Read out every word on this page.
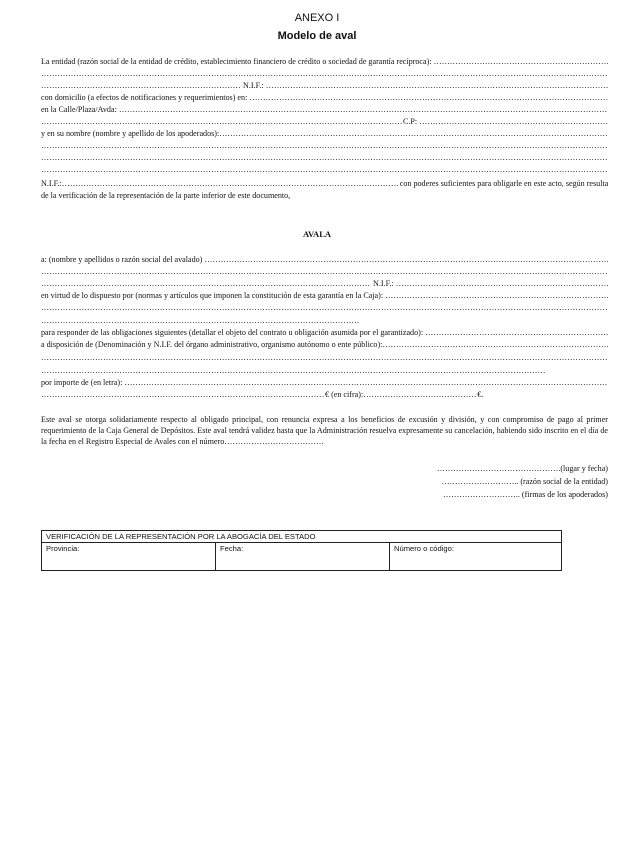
ANEXO I
Modelo de aval
La entidad (razón social de la entidad de crédito, establecimiento financiero de crédito o sociedad de garantía recíproca): ……………………………………………………………………………………………………………………………………………………………………………………………………………………………
……………………………………………………………………………………………………………………………………………………………………………………………………………………………
…………………………………………………………………………………………………………………………………………………………………………………………………………………………… N.I.F.: ……………………………………………………………………………………………………………………………………………………………………………………………………………………………
con domicilio (a efectos de notificaciones y requerimientos) en: ……………………………………………………………………………………………………………………………………………………………………………………………………………………………
en la Calle/Plaza/Avda: ……………………………………………………………………………………………………………………………………………………………………………………………………………………………
……………………………………………………………………………………………………………………………………………………………………………………………………………………………C.P: ……………………………………………………………………………………………………………………………………………………………………………………………………………………………
y en su nombre (nombre y apellido de los apoderados): ……………………………………………………………………………………………………………………………………………………………………………………………………………………………
……………………………………………………………………………………………………………………………………………………………………………………………………………………………
……………………………………………………………………………………………………………………………………………………………………………………………………………………………
……………………………………………………………………………………………………………………………………………………………………………………………………………………………
N.I.F.: ……………………………………………………………………………………………………………………………………………………………………………………………………………………………	con poderes suficientes para obligarle en este acto, según resulta
de la verificación de la representación de la parte inferior de este documento,
AVALA
a: (nombre y apellidos o razón social del avalado) ……………………………………………………………………………………………………………………………………………………………………………………………………………………………
……………………………………………………………………………………………………………………………………………………………………………………………………………………………
…………………………………………………………………………………………………………………………………………………………………………………………………………………………… N.I.F.: ……………………………………………………………………………………………………………………………………………………………………………………………………………………………
en virtud de lo dispuesto por (normas y artículos que imponen la constitución de esta garantía en la Caja): ……………………………………………………………………………………………………………………………………………………………………………………………………………………………
……………………………………………………………………………………………………………………………………………………………………………………………………………………………
……………………………………………………………………………………………………………………………………………………………………………………………………………………………
para responder de las obligaciones siguientes (detallar el objeto del contrato u obligación asumida por el garantizado): ……………………………………………………………………………………………………………………………………………………………………………………………………………………………
a disposición de (Denominación y N.I.F. del órgano administrativo, organismo autónomo o ente público): ……………………………………………………………………………………………………………………………………………………………………………………………………………………………
……………………………………………………………………………………………………………………………………………………………………………………………………………………………
……………………………………………………………………………………………………………………………………………………………………………………………………………………………
por importe de (en letra): ……………………………………………………………………………………………………………………………………………………………………………………………………………………………
……………………………………………………………………………………………………………………………………………………………………………………………………………………………€ (en cifra): ……………………………………………………………………………………………………………………………………………………………………………………………………………………………	€.
Este aval se otorga solidariamente respecto al obligado principal, con renuncia expresa a los beneficios de excusión y división, y con compromiso de pago al primer requerimiento de la Caja General de Depósitos. Este aval tendrá validez hasta que la Administración resuelva expresamente su cancelación, habiendo sido inscrito en el día de la fecha en el Registro Especial de Avales con el número……………………………….
……………………………………….(lugar y fecha)
……………………….. (razón social de la entidad)
……………………….. (firmas de los apoderados)
VERIFICACIÓN DE LA REPRESENTACIÓN POR LA ABOGACÍA DEL ESTADO
Provincia:	Fecha:	Número o código:
